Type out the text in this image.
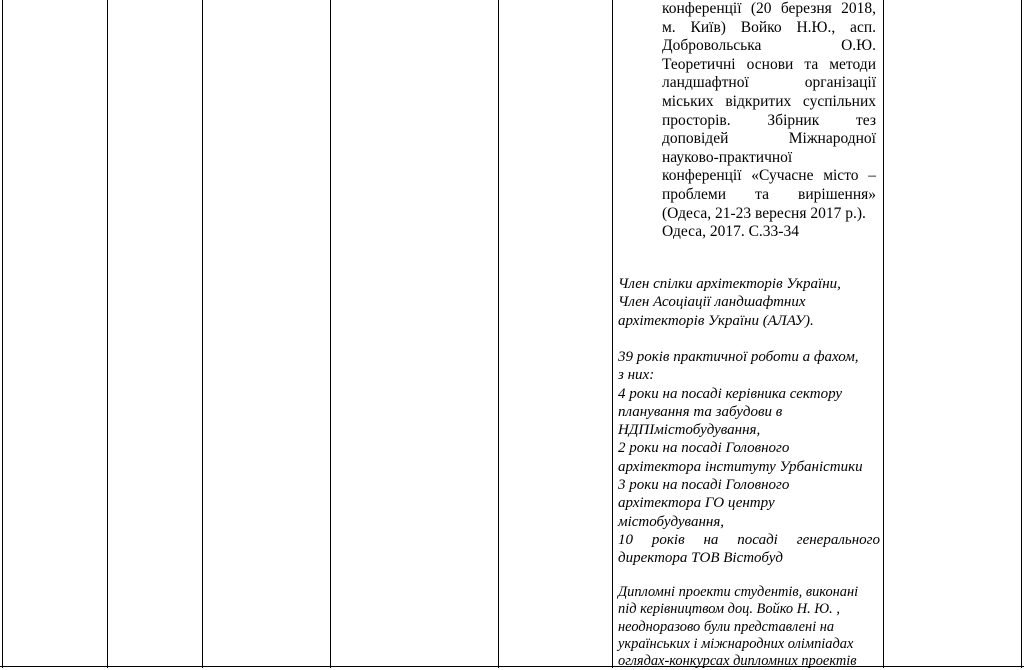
конференції (20 березня 2018,
м. Київ) Войко Н.Ю., асп.
Добровольська О.Ю.
Теоретичні основи та методи
ландшафтної організації
міських відкритих суспільних
просторів. Збірник тез
доповідей Міжнародної
науково-практичної
конференції «Сучасне місто –
проблеми та вирішення»
(Одеса, 21-23 вересня 2017 р.).
Одеса, 2017. С.33-34
Член спілки архітекторів України,
Член Асоціації ландшафтних
архітекторів України (АЛАУ).
39 років практичної роботи а фахом,
з них:
4 роки на посаді керівника сектору
планування та забудови в
НДПІмістобудування,
2 роки на посаді Головного
архітектора інституту Урбаністики
3 роки на посаді Головного
архітектора ГО центру
містобудування,
10 років на посаді генерального
директора ТОВ Вістобуд
Дипломні проекти студентів, виконані
під керівництвом доц. Войко Н. Ю. ,
неодноразово були представлені на
українських і міжнародних олімпіадах
оглядах-конкурсах дипломних проектів
